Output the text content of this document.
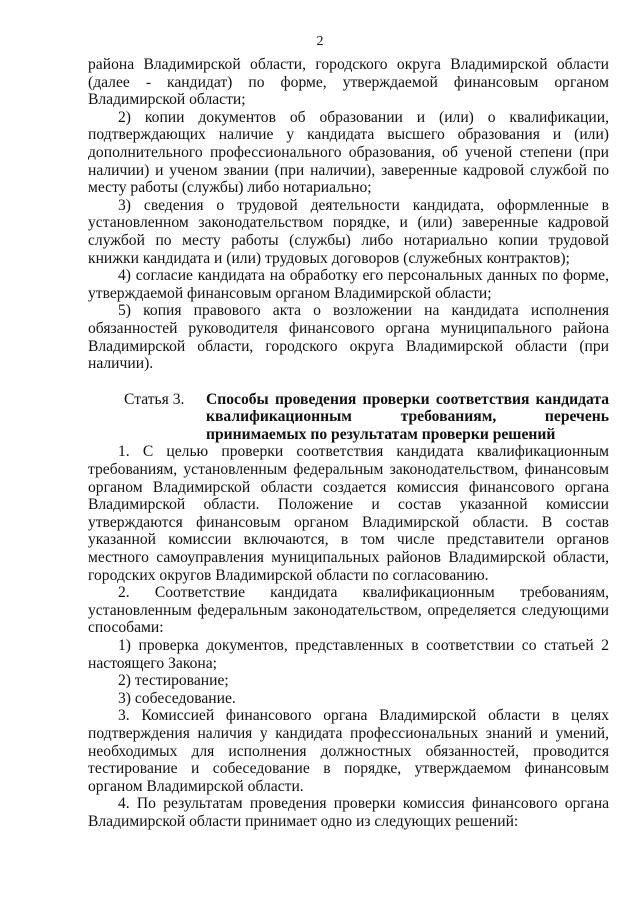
2

района Владимирской области, городского округа Владимирской области (далее - кандидат) по форме, утверждаемой финансовым органом Владимирской области;

2) копии документов об образовании и (или) о квалификации, подтверждающих наличие у кандидата высшего образования и (или) дополнительного профессионального образования, об ученой степени (при наличии) и ученом звании (при наличии), заверенные кадровой службой по месту работы (службы) либо нотариально;

3) сведения о трудовой деятельности кандидата, оформленные в установленном законодательством порядке, и (или) заверенные кадровой службой по месту работы (службы) либо нотариально копии трудовой книжки кандидата и (или) трудовых договоров (служебных контрактов);

4) согласие кандидата на обработку его персональных данных по форме, утверждаемой финансовым органом Владимирской области;

5) копия правового акта о возложении на кандидата исполнения обязанностей руководителя финансового органа муниципального района Владимирской области, городского округа Владимирской области (при наличии).

Статья 3.	Способы проведения проверки соответствия кандидата квалификационным требованиям, перечень принимаемых по результатам проверки решений

1. С целью проверки соответствия кандидата квалификационным требованиям, установленным федеральным законодательством, финансовым органом Владимирской области создается комиссия финансового органа Владимирской области. Положение и состав указанной комиссии утверждаются финансовым органом Владимирской области. В состав указанной комиссии включаются, в том числе представители органов местного самоуправления муниципальных районов Владимирской области, городских округов Владимирской области по согласованию.

2. Соответствие кандидата квалификационным требованиям, установленным федеральным законодательством, определяется следующими способами:

1) проверка документов, представленных в соответствии со статьей 2 настоящего Закона;

2) тестирование;

3) собеседование.

3. Комиссией финансового органа Владимирской области в целях подтверждения наличия у кандидата профессиональных знаний и умений, необходимых для исполнения должностных обязанностей, проводится тестирование и собеседование в порядке, утверждаемом финансовым органом Владимирской области.

4. По результатам проведения проверки комиссия финансового органа Владимирской области принимает одно из следующих решений:
